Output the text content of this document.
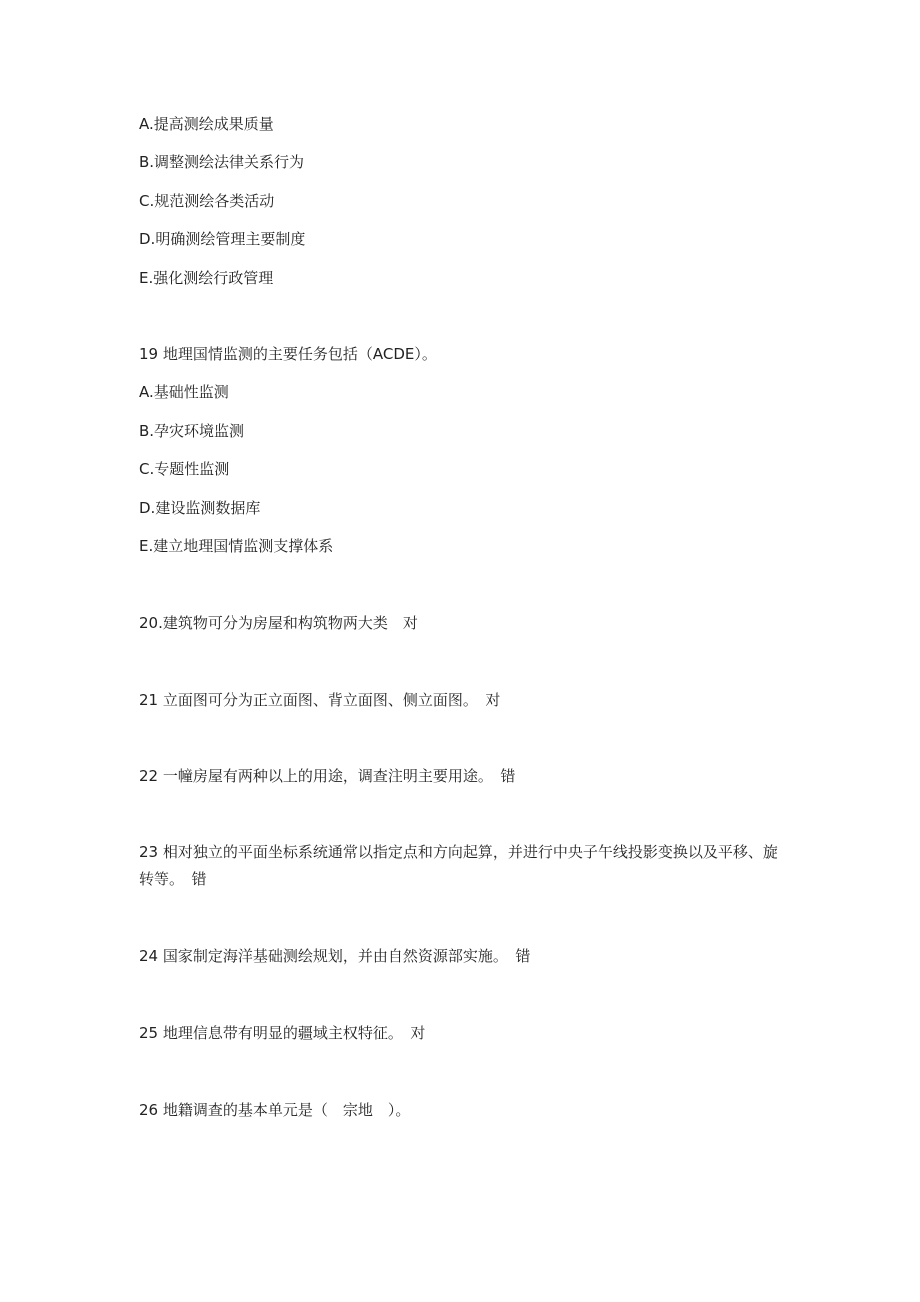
A.提高测绘成果质量
B.调整测绘法律关系行为
C.规范测绘各类活动
D.明确测绘管理主要制度
E.强化测绘行政管理
19 地理国情监测的主要任务包括（ACDE）。
A.基础性监测
B.孕灾环境监测
C.专题性监测
D.建设监测数据库
E.建立地理国情监测支撑体系
20.建筑物可分为房屋和构筑物两大类　对
21 立面图可分为正立面图、背立面图、侧立面图。　对
22 一幢房屋有两种以上的用途，调查注明主要用途。　错
23 相对独立的平面坐标系统通常以指定点和方向起算，并进行中央子午线投影变换以及平移、旋转等。　错
24 国家制定海洋基础测绘规划，并由自然资源部实施。　错
25 地理信息带有明显的疆域主权特征。　对
26 地籍调查的基本单元是（　宗地　）。
